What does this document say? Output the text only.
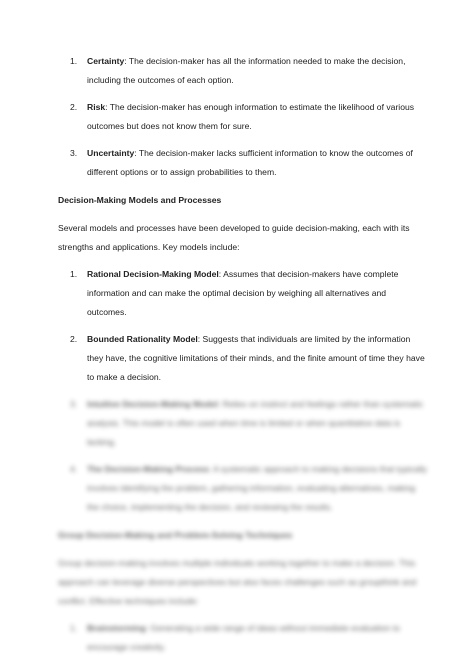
1. Certainty: The decision-maker has all the information needed to make the decision, including the outcomes of each option.
2. Risk: The decision-maker has enough information to estimate the likelihood of various outcomes but does not know them for sure.
3. Uncertainty: The decision-maker lacks sufficient information to know the outcomes of different options or to assign probabilities to them.
Decision-Making Models and Processes

Several models and processes have been developed to guide decision-making, each with its strengths and applications. Key models include:

1. Rational Decision-Making Model: Assumes that decision-makers have complete information and can make the optimal decision by weighing all alternatives and outcomes.
2. Bounded Rationality Model: Suggests that individuals are limited by the information they have, the cognitive limitations of their minds, and the finite amount of time they have to make a decision.
3. Intuitive Decision-Making Model: Relies on instinct and feelings rather than systematic analysis. This model is often used when time is limited or when quantitative data is lacking.
4. The Decision-Making Process: A systematic approach to making decisions that typically involves identifying the problem, gathering information, evaluating alternatives, making the choice, implementing the decision, and reviewing the results.
Group Decision-Making and Problem-Solving Techniques

Group decision-making involves multiple individuals working together to make a decision. This approach can leverage diverse perspectives but also faces challenges such as groupthink and conflict. Effective techniques include:

1. Brainstorming: Generating a wide range of ideas without immediate evaluation to encourage creativity.
